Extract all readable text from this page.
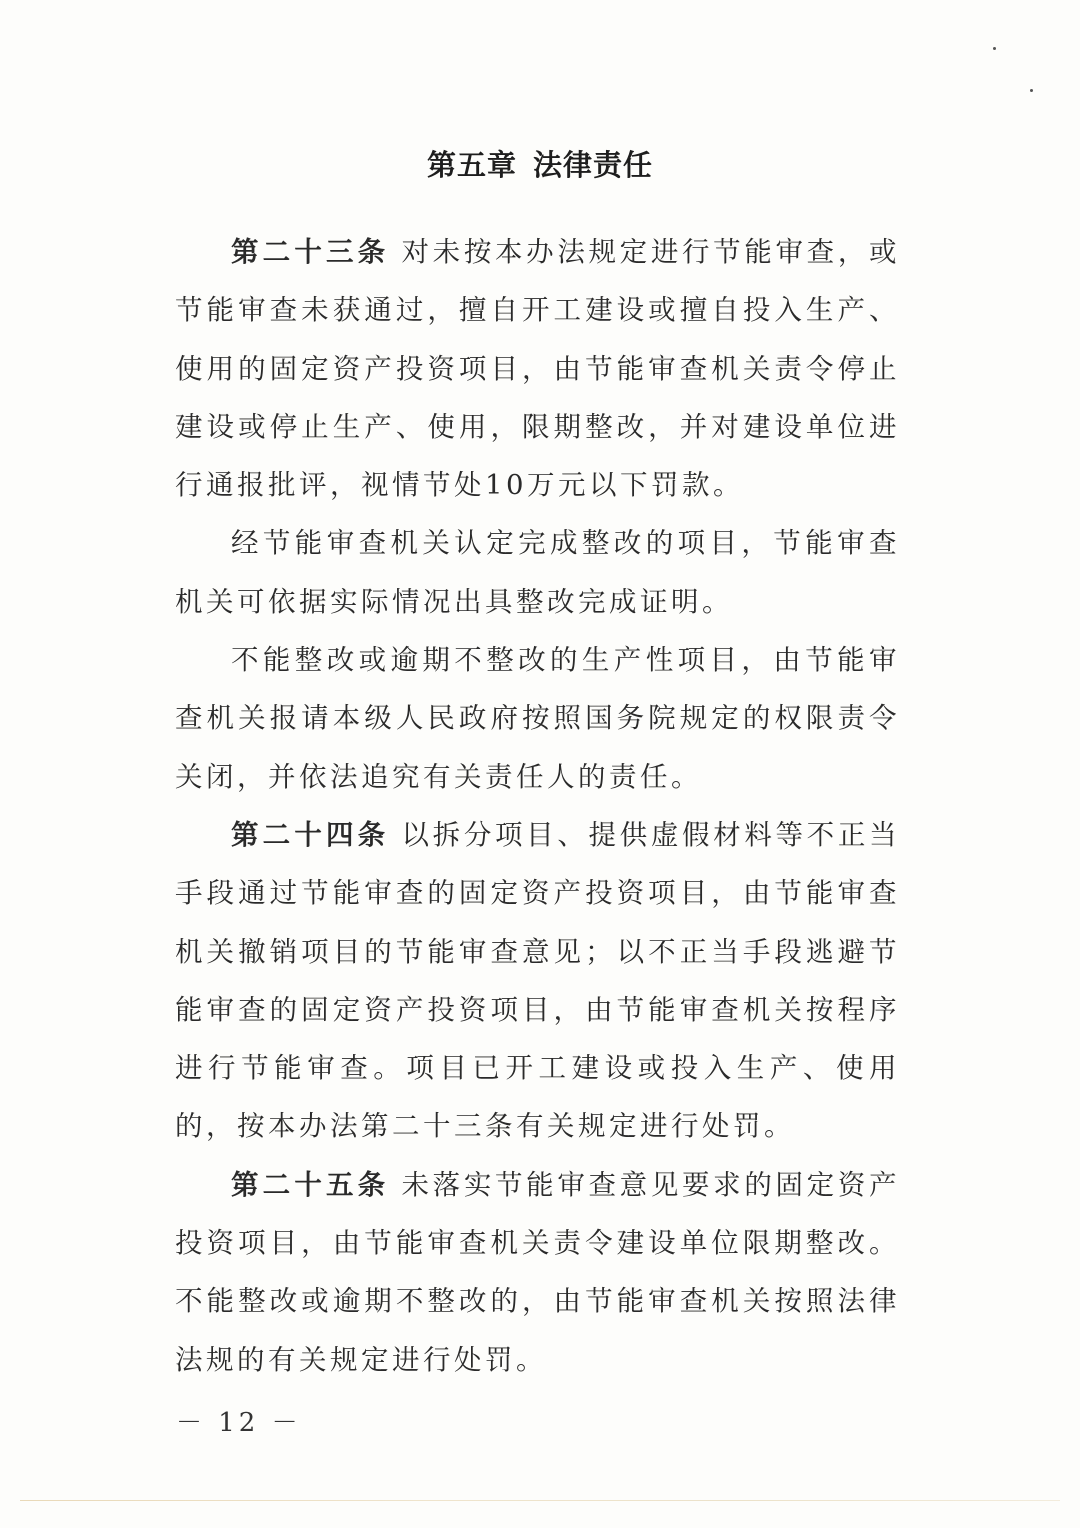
第五章 法律责任

第二十三条 对未按本办法规定进行节能审查，或节能审查未获通过，擅自开工建设或擅自投入生产、使用的固定资产投资项目，由节能审查机关责令停止建设或停止生产、使用，限期整改，并对建设单位进行通报批评，视情节处10万元以下罚款。

经节能审查机关认定完成整改的项目，节能审查机关可依据实际情况出具整改完成证明。

不能整改或逾期不整改的生产性项目，由节能审查机关报请本级人民政府按照国务院规定的权限责令关闭，并依法追究有关责任人的责任。

第二十四条 以拆分项目、提供虚假材料等不正当手段通过节能审查的固定资产投资项目，由节能审查机关撤销项目的节能审查意见；以不正当手段逃避节能审查的固定资产投资项目，由节能审查机关按程序进行节能审查。项目已开工建设或投入生产、使用的，按本办法第二十三条有关规定进行处罚。

第二十五条 未落实节能审查意见要求的固定资产投资项目，由节能审查机关责令建设单位限期整改。不能整改或逾期不整改的，由节能审查机关按照法律法规的有关规定进行处罚。

－ 12 －
